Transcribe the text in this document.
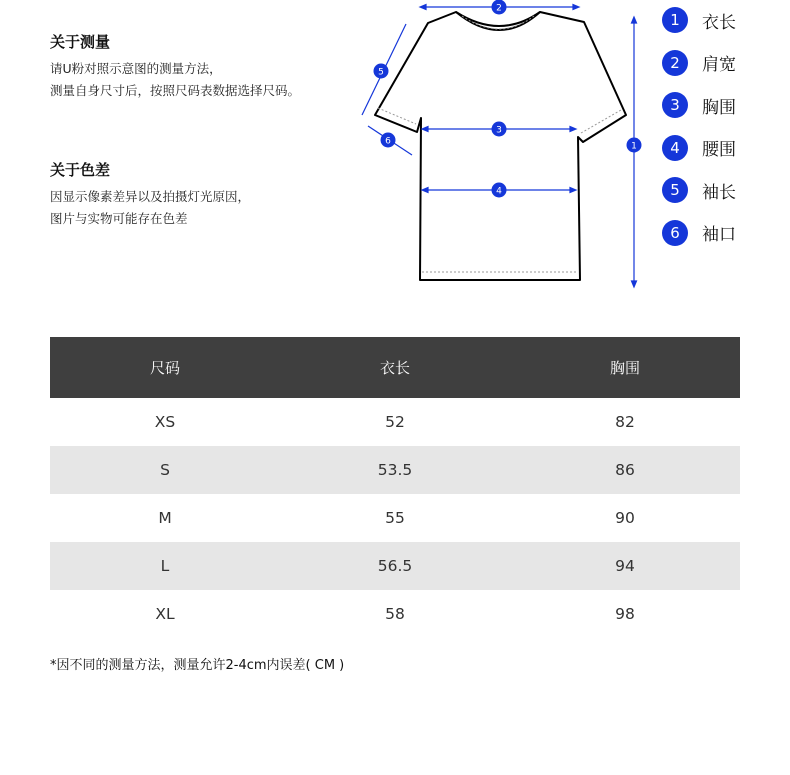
关于测量

请U粉对照示意图的测量方法，

测量自身尺寸后，按照尺码表数据选择尺码。

关于色差

因显示像素差异以及拍摄灯光原因，

图片与实物可能存在色差

1
2
3
4
5
6
1	衣长
2	肩宽
3	胸围
4	腰围
5	袖长
6	袖口
尺码	衣长	胸围
XS	52	82
S	53.5	86
M	55	90
L	56.5	94
XL	58	98
*因不同的测量方法，测量允许2-4cm内误差( CM )
